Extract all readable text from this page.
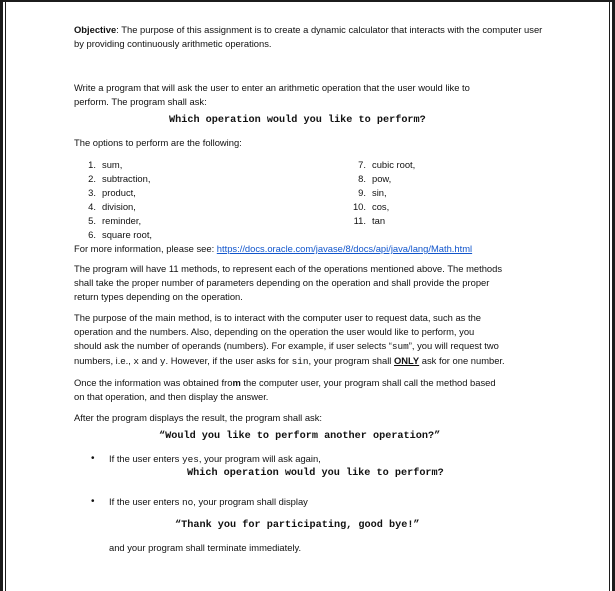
Objective: The purpose of this assignment is to create a dynamic calculator that interacts with the computer user by providing continuously arithmetic operations.

Write a program that will ask the user to enter an arithmetic operation that the user would like to
perform. The program shall ask:

Which operation would you like to perform?

The options to perform are the following:

1. sum,
2. subtraction,
3. product,
4. division,
5. reminder,
6. square root,
7. cubic root,
8. pow,
9. sin,
10. cos,
11. tan

For more information, please see: https://docs.oracle.com/javase/8/docs/api/java/lang/Math.html

The program will have 11 methods, to represent each of the operations mentioned above. The methods
shall take the proper number of parameters depending on the operation and shall provide the proper
return types depending on the operation.

The purpose of the main method, is to interact with the computer user to request data, such as the
operation and the numbers. Also, depending on the operation the user would like to perform, you
should ask the number of operands (numbers). For example, if user selects “sum”, you will request two
numbers, i.e., x and y. However, if the user asks for sin, your program shall ONLY ask for one number.

Once the information was obtained from the computer user, your program shall call the method based
on that operation, and then display the answer.

After the program displays the result, the program shall ask:

“Would you like to perform another operation?”

• If the user enters yes, your program will ask again,

Which operation would you like to perform?

• If the user enters no, your program shall display

“Thank you for participating, good bye!”

and your program shall terminate immediately.
